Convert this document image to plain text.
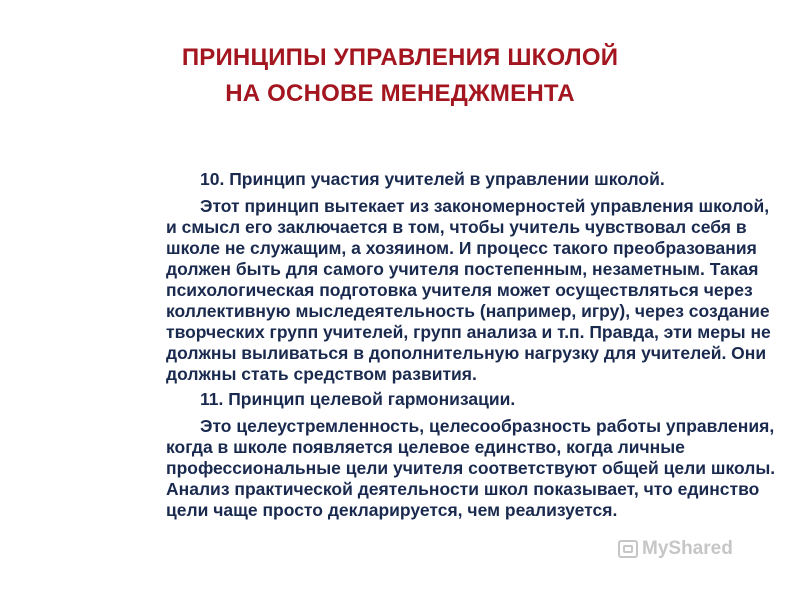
ПРИНЦИПЫ УПРАВЛЕНИЯ ШКОЛОЙ
НА ОСНОВЕ МЕНЕДЖМЕНТА

10. Принцип участия учителей в управлении школой.

Этот принцип вытекает из закономерностей управления школой, и смысл его заключается в том, чтобы учитель чувствовал себя в школе не служащим, а хозяином. И процесс такого преобразования должен быть для самого учителя постепенным, незаметным. Такая психологическая подготовка учителя может осуществляться через коллективную мыследеятельность (например, игру), через создание творческих групп учителей, групп анализа и т.п. Правда, эти меры не должны выливаться в дополнительную нагрузку для учителей. Они должны стать средством развития.

11. Принцип целевой гармонизации.

Это целеустремленность, целесообразность работы управления, когда в школе появляется целевое единство, когда личные профессиональные цели учителя соответствуют общей цели школы. Анализ практической деятельности школ показывает, что единство цели чаще просто декларируется, чем реализуется.

MyShared
